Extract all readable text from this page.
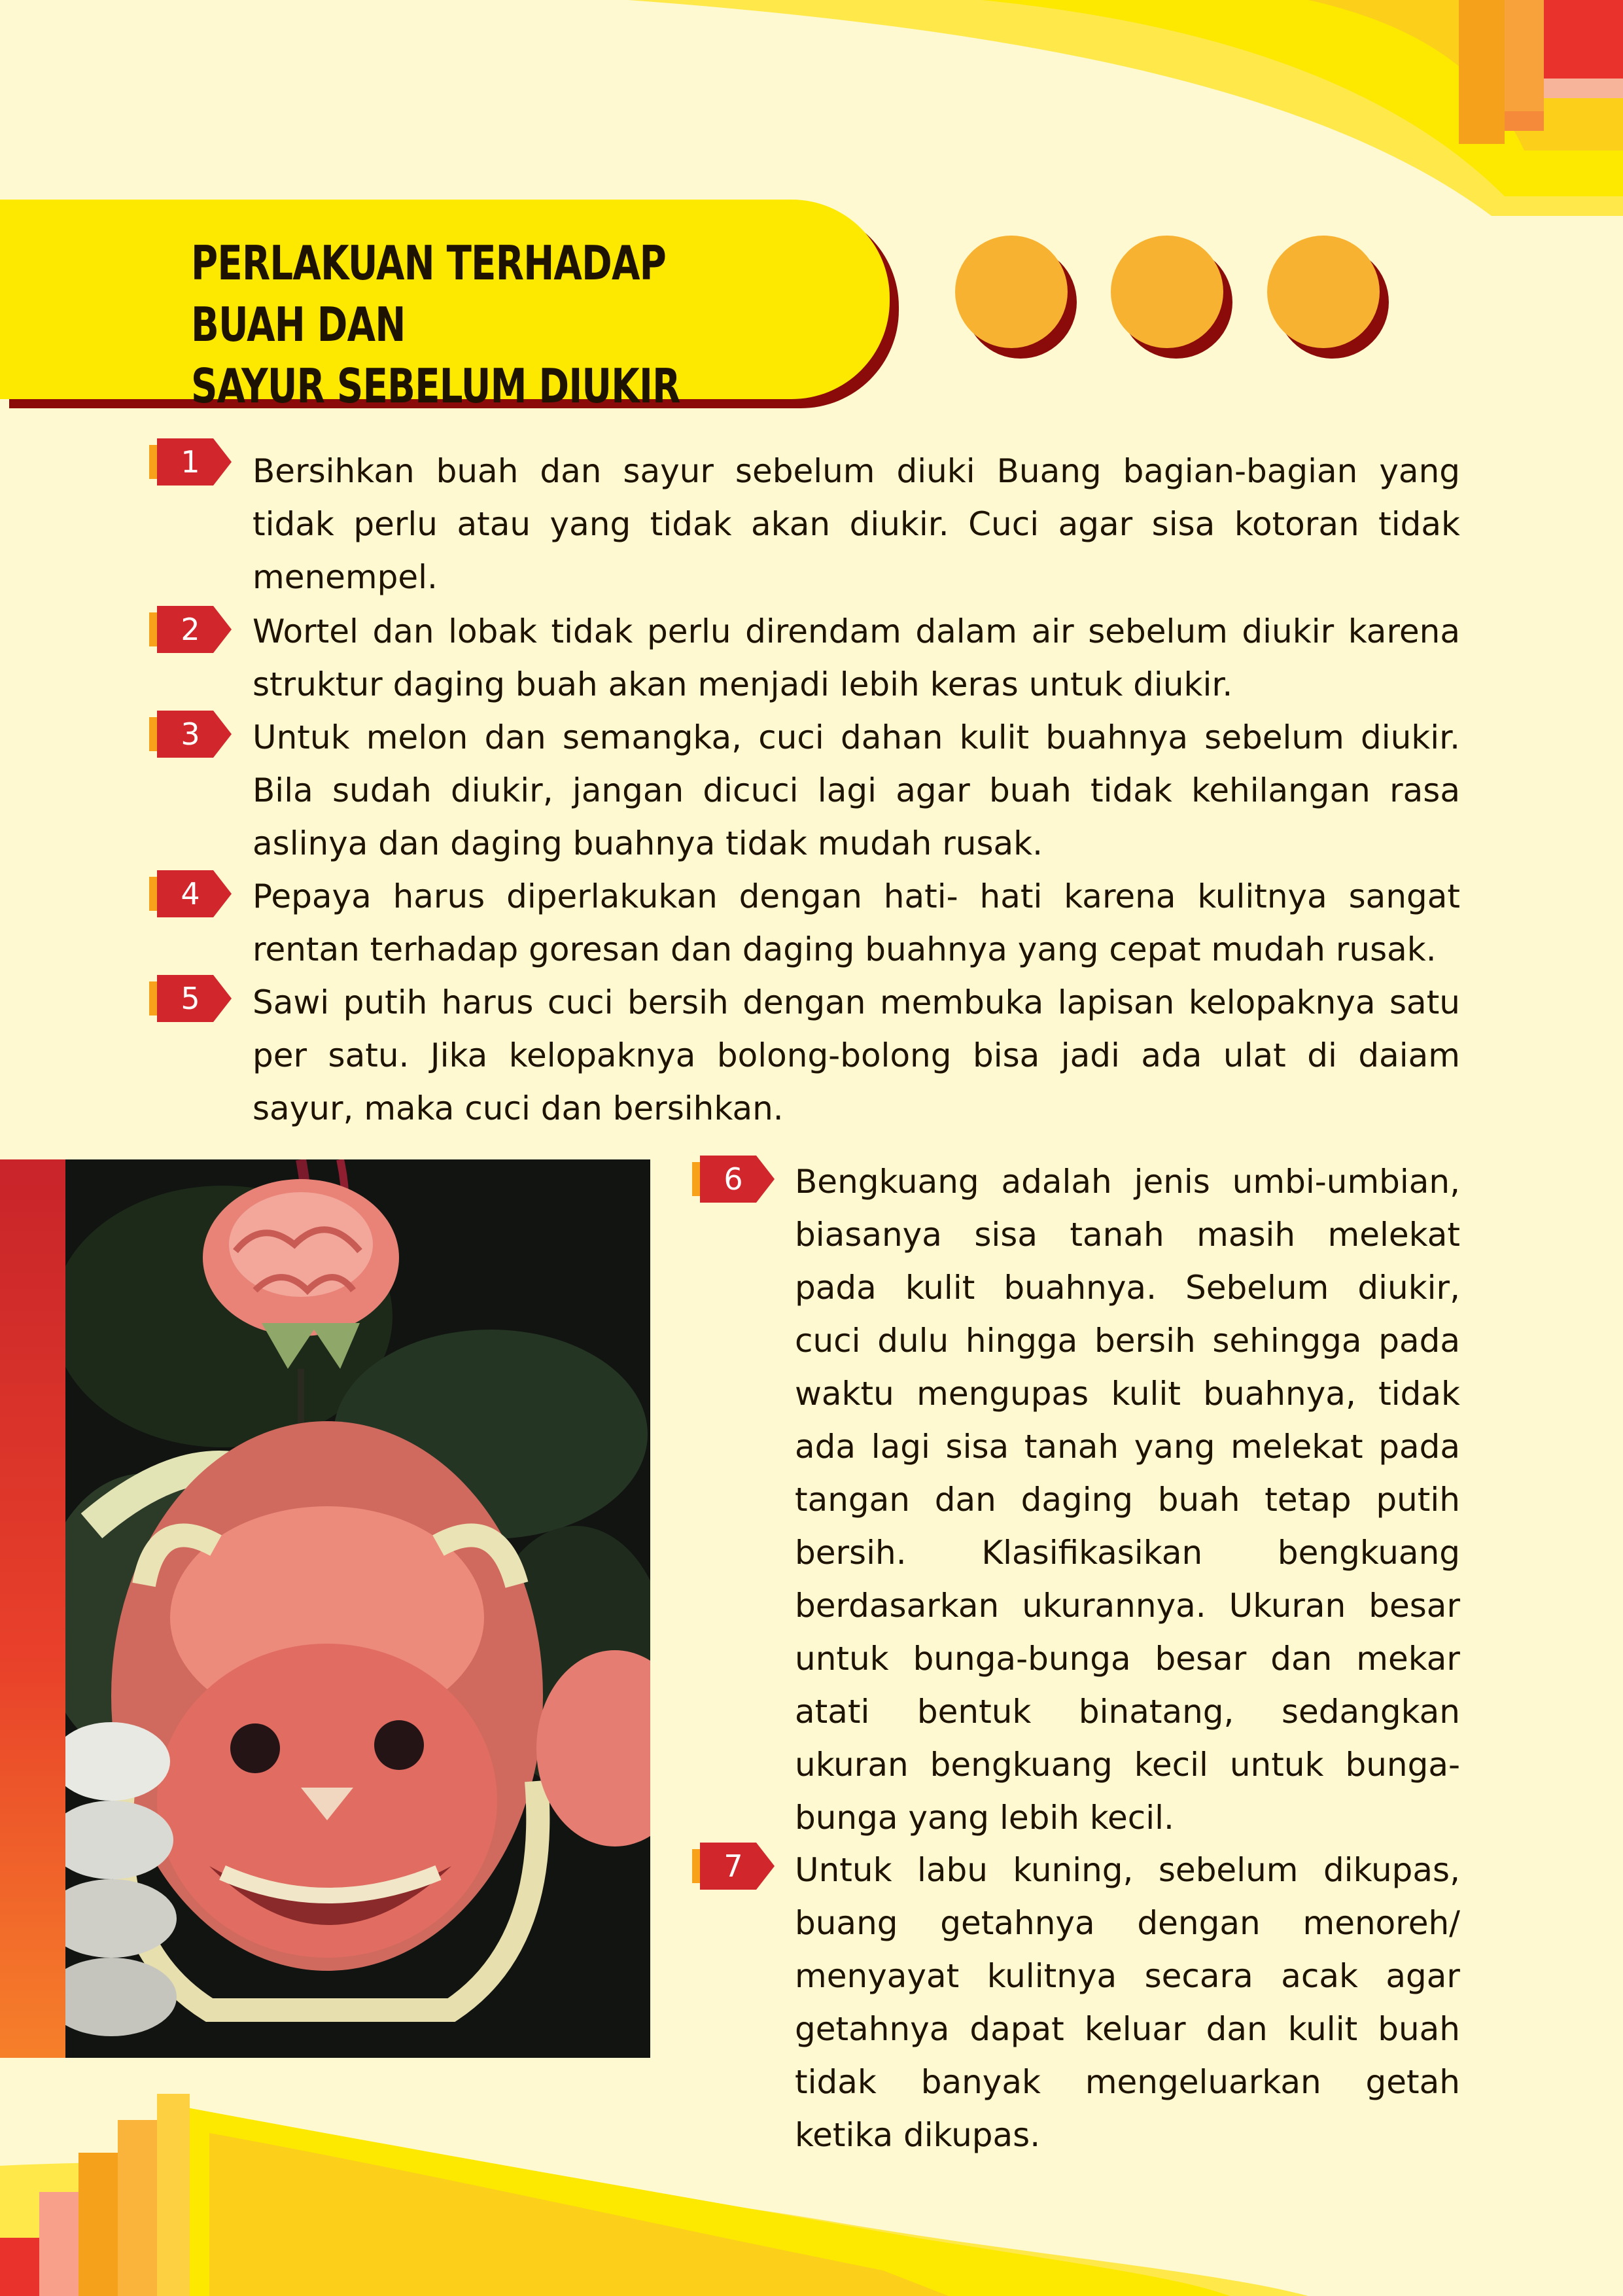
PERLAKUAN TERHADAP BUAH DAN
SAYUR SEBELUM DIUKIR
1	Bersihkan buah dan sayur sebelum diuki Buang bagian-bagian yang tidak perlu atau yang tidak akan diukir. Cuci agar sisa kotoran tidak menempel.

2	Wortel dan lobak tidak perlu direndam dalam air sebelum diukir karena struktur daging buah akan menjadi lebih keras untuk diukir.

3	Untuk melon dan semangka, cuci dahan kulit buahnya sebelum diukir. Bila sudah diukir, jangan dicuci lagi agar buah tidak kehilangan rasa aslinya dan daging buahnya tidak mudah rusak.

4	Pepaya harus diperlakukan dengan hati- hati karena kulitnya sangat rentan terhadap goresan dan daging buahnya yang cepat mudah rusak.

5	Sawi putih harus cuci bersih dengan membuka lapisan kelopaknya satu per satu. Jika kelopaknya bolong-bolong bisa jadi ada ulat di daiam sayur, maka cuci dan bersihkan.

6	Bengkuang adalah jenis umbi-umbian, biasanya sisa tanah masih melekat pada kulit buahnya. Sebelum diukir, cuci dulu hingga bersih sehingga pada waktu mengupas kulit buahnya, tidak ada lagi sisa tanah yang melekat pada tangan dan daging buah tetap putih bersih. Klasifikasikan bengkuang berdasarkan ukurannya. Ukuran besar untuk bunga-bunga besar dan mekar atati bentuk binatang, sedangkan ukuran bengkuang kecil untuk bunga-bunga yang lebih kecil.

7	Untuk labu kuning, sebelum dikupas, buang getahnya dengan menoreh/ menyayat kulitnya secara acak agar getahnya dapat keluar dan kulit buah tidak banyak mengeluarkan getah ketika dikupas.
